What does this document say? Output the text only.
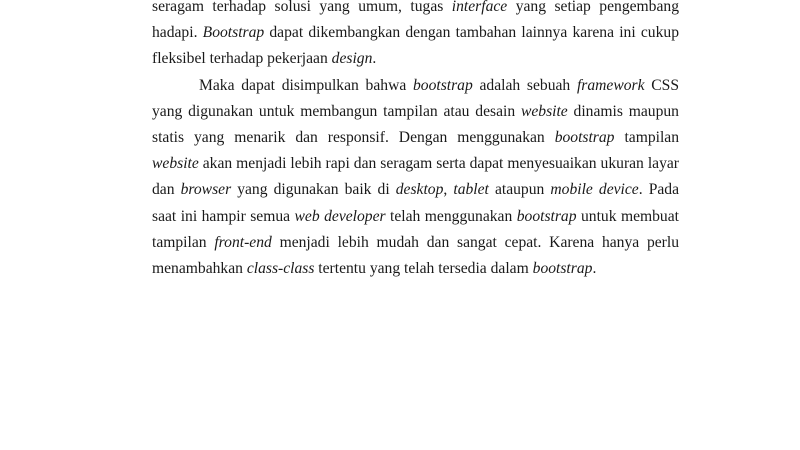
seragam terhadap solusi yang umum, tugas interface yang setiap pengembang
hadapi. Bootstrap dapat dikembangkan dengan tambahan lainnya karena ini cukup
fleksibel terhadap pekerjaan design.
Maka dapat disimpulkan bahwa bootstrap adalah sebuah framework CSS
yang digunakan untuk membangun tampilan atau desain website dinamis maupun
statis yang menarik dan responsif. Dengan menggunakan bootstrap tampilan
website akan menjadi lebih rapi dan seragam serta dapat menyesuaikan ukuran layar
dan browser yang digunakan baik di desktop, tablet ataupun mobile device. Pada
saat ini hampir semua web developer telah menggunakan bootstrap untuk membuat
tampilan front-end menjadi lebih mudah dan sangat cepat. Karena hanya perlu
menambahkan class-class tertentu yang telah tersedia dalam bootstrap.
